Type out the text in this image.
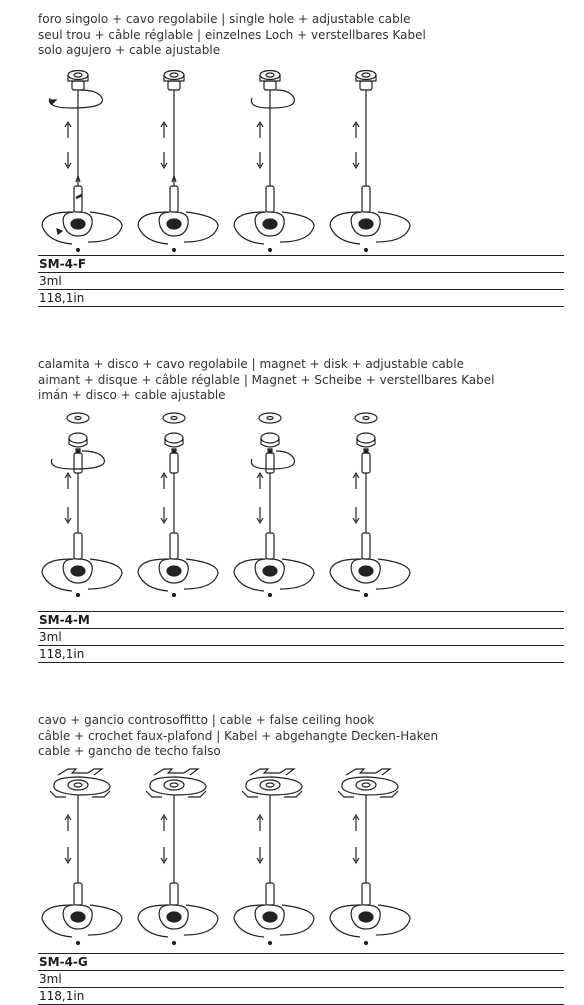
foro singolo + cavo regolabile | single hole + adjustable cable

seul trou + câble réglable | einzelnes Loch + verstellbares Kabel

solo agujero + cable ajustable

SM-4-F
3ml
118,1in

calamita + disco + cavo regolabile | magnet + disk + adjustable cable

aimant + disque + câble réglable | Magnet + Scheibe + verstellbares Kabel

imán + disco + cable ajustable

SM-4-M
3ml
118,1in

cavo + gancio controsoffitto | cable + false ceiling hook

câble + crochet faux-plafond | Kabel + abgehangte Decken-Haken

cable + gancho de techo falso

SM-4-G
3ml
118,1in
